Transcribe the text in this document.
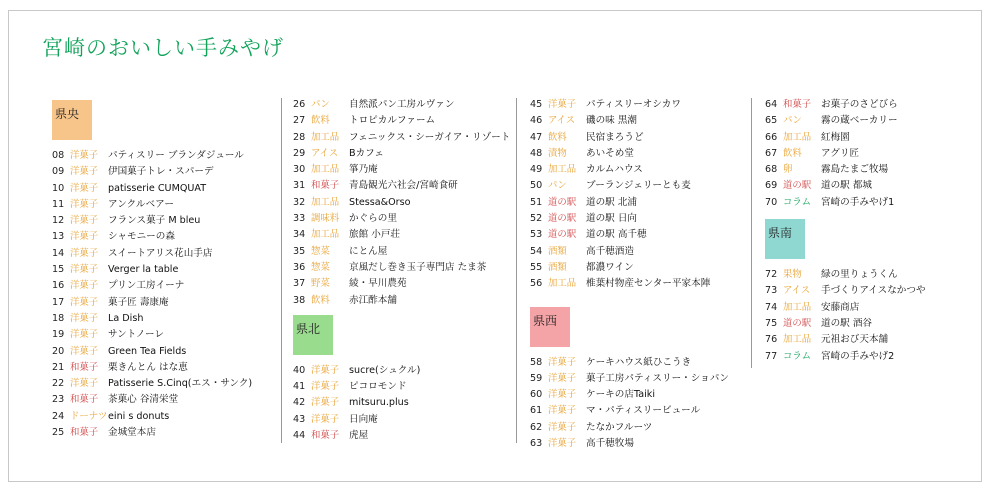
宮崎のおいしい手みやげ
県央
08 洋菓子 パティスリー ブランダジュール
09 洋菓子 伊国菓子トレ・スパーデ
10 洋菓子 patisserie CUMQUAT
11 洋菓子 アンクルベアー
12 洋菓子 フランス菓子 M bleu
13 洋菓子 シャモニーの森
14 洋菓子 スイートアリス花山手店
15 洋菓子 Verger la table
16 洋菓子 プリン工房イーナ
17 洋菓子 菓子匠 壽康庵
18 洋菓子 La Dish
19 洋菓子 サントノーレ
20 洋菓子 Green Tea Fields
21 和菓子 栗きんとん はな恵
22 洋菓子 Patisserie S.Cinq(エス・サンク)
23 和菓子 茶菓心 谷清栄堂
24 ドーナツeini s donuts
25 和菓子 金城堂本店
26 パン 自然派パン工房ルヴァン
27 飲料 トロピカルファーム
28 加工品 フェニックス・シーガイア・リゾート
29 アイス Bカフェ
30 加工品 箏乃庵
31 和菓子 青島観光六社会/宮崎食研
32 加工品 Stessa&Orso
33 調味料 かぐらの里
34 加工品 旅館 小戸荘
35 惣菜 にとん屋
36 惣菜 京風だし巻き玉子専門店 たま茶
37 野菜 綾・早川農苑
38 飲料 赤江酢本舗
県北
40 洋菓子 sucre(シュクル)
41 洋菓子 ピコロモンド
42 洋菓子 mitsuru.plus
43 洋菓子 日向庵
44 和菓子 虎屋
45 洋菓子 パティスリーオシカワ
46 アイス 磯の味 黒潮
47 飲料 民宿まろうど
48 漬物 あいそめ堂
49 加工品 カルムハウス
50 パン ブーランジェリーとも麦
51 道の駅 道の駅 北浦
52 道の駅 道の駅 日向
53 道の駅 道の駅 高千穂
54 酒類 高千穂酒造
55 酒類 都濃ワイン
56 加工品 椎葉村物産センター平家本陣
県西
58 洋菓子 ケーキハウス紙ひこうき
59 洋菓子 菓子工房パティスリー・ショパン
60 洋菓子 ケーキの店Taiki
61 洋菓子 マ・パティスリービュール
62 洋菓子 たなかフルーツ
63 洋菓子 高千穂牧場
64 和菓子 お菓子のさどびら
65 パン 霧の蔵ベーカリー
66 加工品 紅梅園
67 飲料 アグリ匠
68 卵	霧島たまご牧場
69 道の駅 道の駅 都城
70 コラム 宮崎の手みやげ1
県南
72 果物 緑の里りょうくん
73 アイス 手づくりアイスなかつや
74 加工品 安藤商店
75 道の駅 道の駅 酒谷
76 加工品 元祖おび天本舗
77 コラム 宮崎の手みやげ2
